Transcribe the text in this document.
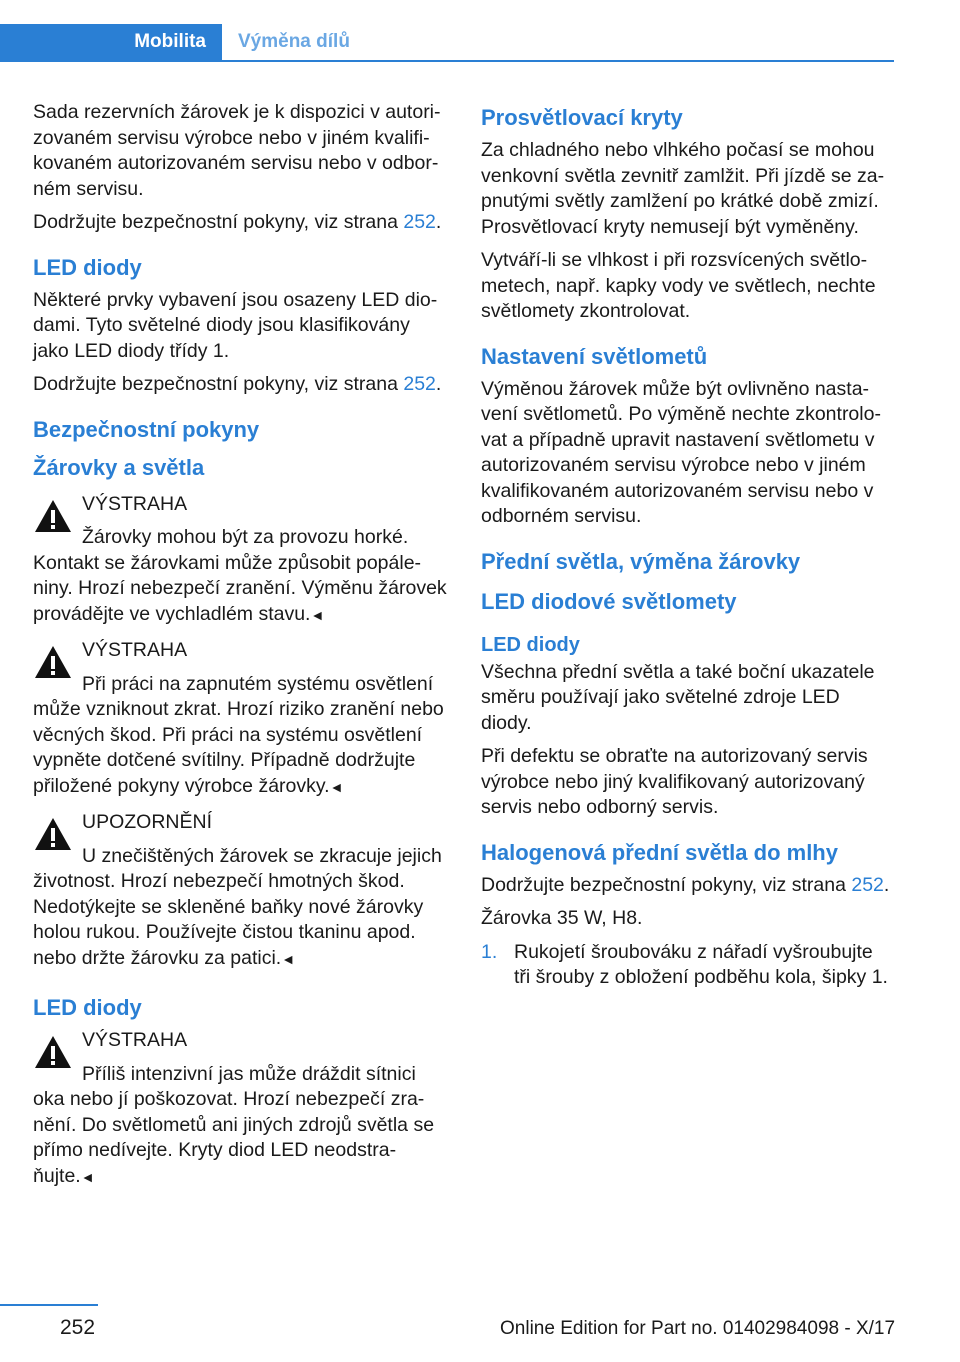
Mobilita Výměna dílů

Sada rezervních žárovek je k dispozici v autori‐zovaném servisu výrobce nebo v jiném kvalifi‐kovaném autorizovaném servisu nebo v odbor‐ném servisu.

Dodržujte bezpečnostní pokyny, viz strana 252.

LED diody

Některé prvky vybavení jsou osazeny LED dio‐dami. Tyto světelné diody jsou klasifikovány jako LED diody třídy 1.

Dodržujte bezpečnostní pokyny, viz strana 252.

Bezpečnostní pokyny
Žárovky a světla
VÝSTRAHA
Žárovky mohou být za provozu horké. Kontakt se žárovkami může způsobit popále‐niny. Hrozí nebezpečí zranění. Výměnu žárovek provádějte ve vychladlém stavu.◄
VÝSTRAHA
Při práci na zapnutém systému osvětlení může vzniknout zkrat. Hrozí riziko zranění nebo věcných škod. Při práci na systému osvětlení vypněte dotčené svítilny. Případně dodržujte přiložené pokyny výrobce žárovky.◄
UPOZORNĚNÍ
U znečištěných žárovek se zkracuje jejich životnost. Hrozí nebezpečí hmotných škod. Nedotýkejte se skleněné baňky nové žárovky holou rukou. Používejte čistou tkaninu apod. nebo držte žárovku za patici.◄
LED diody
VÝSTRAHA
Příliš intenzivní jas může dráždit sítnici oka nebo jí poškozovat. Hrozí nebezpečí zra‐nění. Do světlometů ani jiných zdrojů světla se přímo nedívejte. Kryty diod LED neodstra‐ňujte.◄
Prosvětlovací kryty

Za chladného nebo vlhkého počasí se mohou venkovní světla zevnitř zamlžit. Při jízdě se za‐pnutými světly zamlžení po krátké době zmizí. Prosvětlovací kryty nemusejí být vyměněny.

Vytváří-li se vlhkost i při rozsvícených světlo‐metech, např. kapky vody ve světlech, nechte světlomety zkontrolovat.

Nastavení světlometů

Výměnou žárovek může být ovlivněno nasta‐vení světlometů. Po výměně nechte zkontrolo‐vat a případně upravit nastavení světlometu v autorizovaném servisu výrobce nebo v jiném kvalifikovaném autorizovaném servisu nebo v odborném servisu.

Přední světla, výměna žárovky
LED diodové světlomety
LED diody

Všechna přední světla a také boční ukazatele směru používají jako světelné zdroje LED diody.

Při defektu se obraťte na autorizovaný servis výrobce nebo jiný kvalifikovaný autorizovaný servis nebo odborný servis.

Halogenová přední světla do mlhy

Dodržujte bezpečnostní pokyny, viz strana 252.

Žárovka 35 W, H8.

1. Rukojetí šroubováku z nářadí vyšroubujte tři šrouby z obložení podběhu kola, šipky 1.
252	Online Edition for Part no. 01402984098 - X/17
